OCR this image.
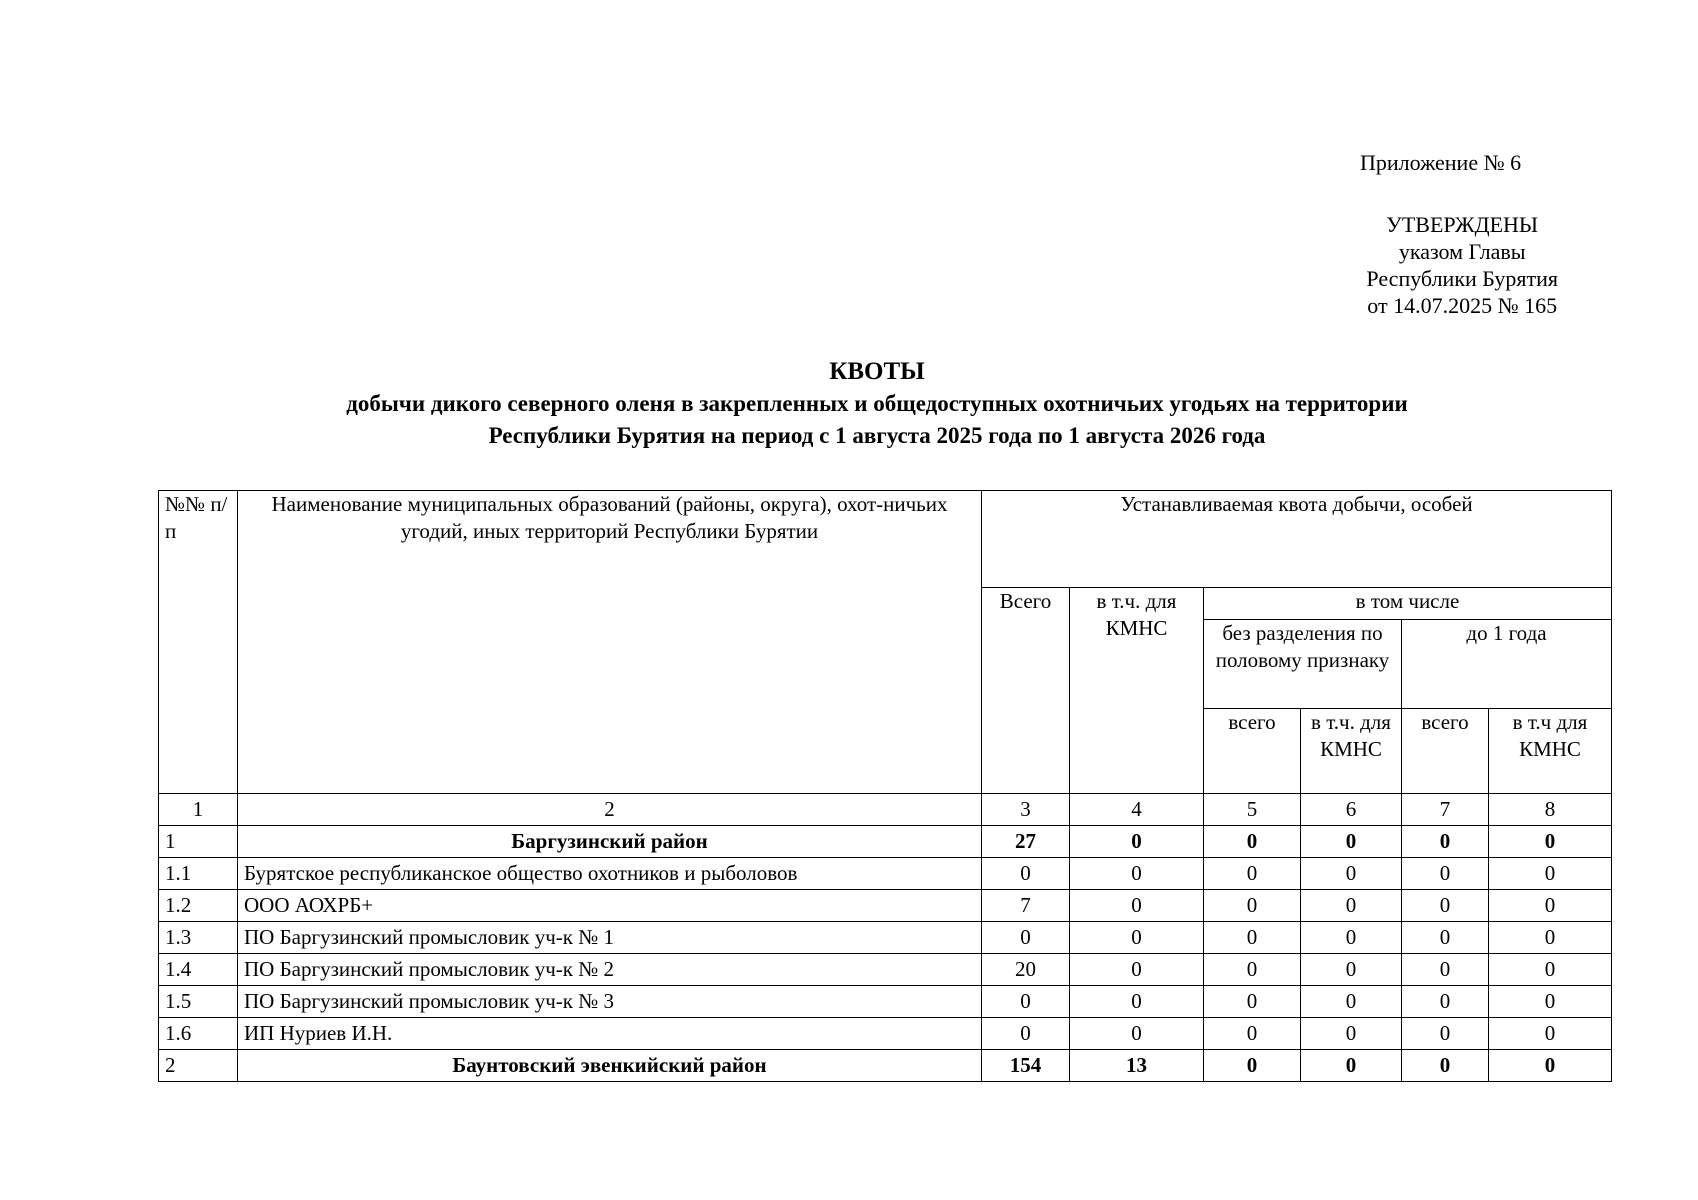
Приложение № 6
УТВЕРЖДЕНЫ
указом Главы
Республики Бурятия
от 14.07.2025 № 165
КВОТЫ
добычи дикого северного оленя в закрепленных и общедоступных охотничьих угодьях на территории
Республики Бурятия на период с 1 августа 2025 года по 1 августа 2026 года
№№ п/п	Наименование муниципальных образований (районы, округа), охот-ничьих угодий, иных территорий Республики Бурятии	Устанавливаемая квота добычи, особей					
		Всего	в т.ч. для КМНС	в том числе			
				без разделения по половому признаку		до 1 года	
				всего	в т.ч. для КМНС	всего	в т.ч для КМНС
1	2	3	4	5	6	7	8
1	Баргузинский район	27	0	0	0	0	0
1.1	Бурятское республиканское общество охотников и рыболовов	0	0	0	0	0	0
1.2	ООО АОХРБ+	7	0	0	0	0	0
1.3	ПО Баргузинский промысловик уч-к № 1	0	0	0	0	0	0
1.4	ПО Баргузинский промысловик уч-к № 2	20	0	0	0	0	0
1.5	ПО Баргузинский промысловик уч-к № 3	0	0	0	0	0	0
1.6	ИП Нуриев И.Н.	0	0	0	0	0	0
2	Баунтовский эвенкийский район	154	13	0	0	0	0
